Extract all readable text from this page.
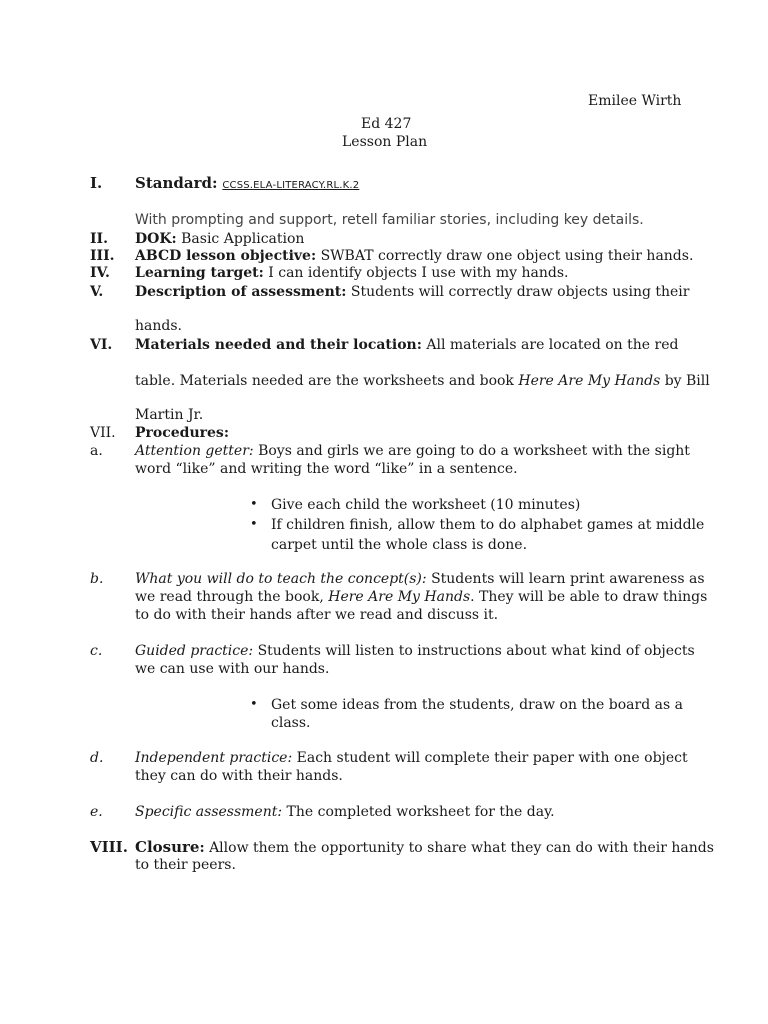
Emilee Wirth
Ed 427
Lesson Plan
I. Standard: CCSS.ELA-LITERACY.RL.K.2
With prompting and support, retell familiar stories, including key details.
II. DOK: Basic Application
III. ABCD lesson objective: SWBAT correctly draw one object using their hands.
IV. Learning target: I can identify objects I use with my hands.
V. Description of assessment: Students will correctly draw objects using their
hands.
VI. Materials needed and their location: All materials are located on the red
table. Materials needed are the worksheets and book Here Are My Hands by Bill
Martin Jr.
VII. Procedures:
a. Attention getter: Boys and girls we are going to do a worksheet with the sight
word “like” and writing the word “like” in a sentence.
• Give each child the worksheet (10 minutes)
• If children finish, allow them to do alphabet games at middle
carpet until the whole class is done.
b. What you will do to teach the concept(s): Students will learn print awareness as
we read through the book, Here Are My Hands. They will be able to draw things
to do with their hands after we read and discuss it.
c. Guided practice: Students will listen to instructions about what kind of objects
we can use with our hands.
• Get some ideas from the students, draw on the board as a
class.
d. Independent practice: Each student will complete their paper with one object
they can do with their hands.
e. Specific assessment: The completed worksheet for the day.
VIII. Closure: Allow them the opportunity to share what they can do with their hands
to their peers.
